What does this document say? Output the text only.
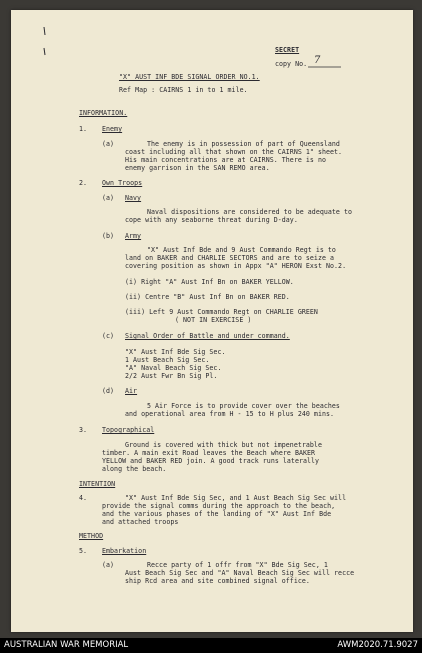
SECRET
copy No. 7
"X" AUST INF BDE SIGNAL ORDER NO.1.
Ref Map : CAIRNS 1 in to 1 mile.
INFORMATION.
1. Enemy
(a)	The enemy is in possession of part of Queensland
coast including all that shown on the CAIRNS 1" sheet.
His main concentrations are at CAIRNS. There is no
enemy garrison in the SAN REMO area.
2. Own Troops
(a) Navy
Naval dispositions are considered to be adequate to
cope with any seaborne threat during D-day.
(b) Army
"X" Aust Inf Bde and 9 Aust Commando Regt is to
land on BAKER and CHARLIE SECTORS and are to seize a
covering position as shown in Appx "A" HERON Exst No.2.
(i) Right "A" Aust Inf Bn on BAKER YELLOW.
(ii) Centre "B" Aust Inf Bn on BAKER RED.
(iii) Left 9 Aust Commando Regt on CHARLIE GREEN
( NOT IN EXERCISE )
(c) Signal Order of Battle and under command.
"X" Aust Inf Bde Sig Sec.
1 Aust Beach Sig Sec.
"A" Naval Beach Sig Sec.
2/2 Aust Fwr Bn Sig Pl.
(d) Air
5 Air Force is to provide cover over the beaches
and operational area from H - 15 to H plus 240 mins.
3. Topographical
Ground is covered with thick but not impenetrable
timber. A main exit Road leaves the Beach where BAKER
YELLOW and BAKER RED join. A good track runs laterally
along the beach.
INTENTION
4.	"X" Aust Inf Bde Sig Sec, and 1 Aust Beach Sig Sec will
provide the signal comms during the approach to the beach,
and the various phases of the landing of "X" Aust Inf Bde
and attached troops
METHOD
5. Embarkation
(a)	Recce party of 1 offr from "X" Bde Sig Sec, 1
Aust Beach Sig Sec and "A" Naval Beach Sig Sec will recce
ship Rcd area and site combined signal office.
AUSTRALIAN WAR MEMORIAL	AWM2020.71.9027
